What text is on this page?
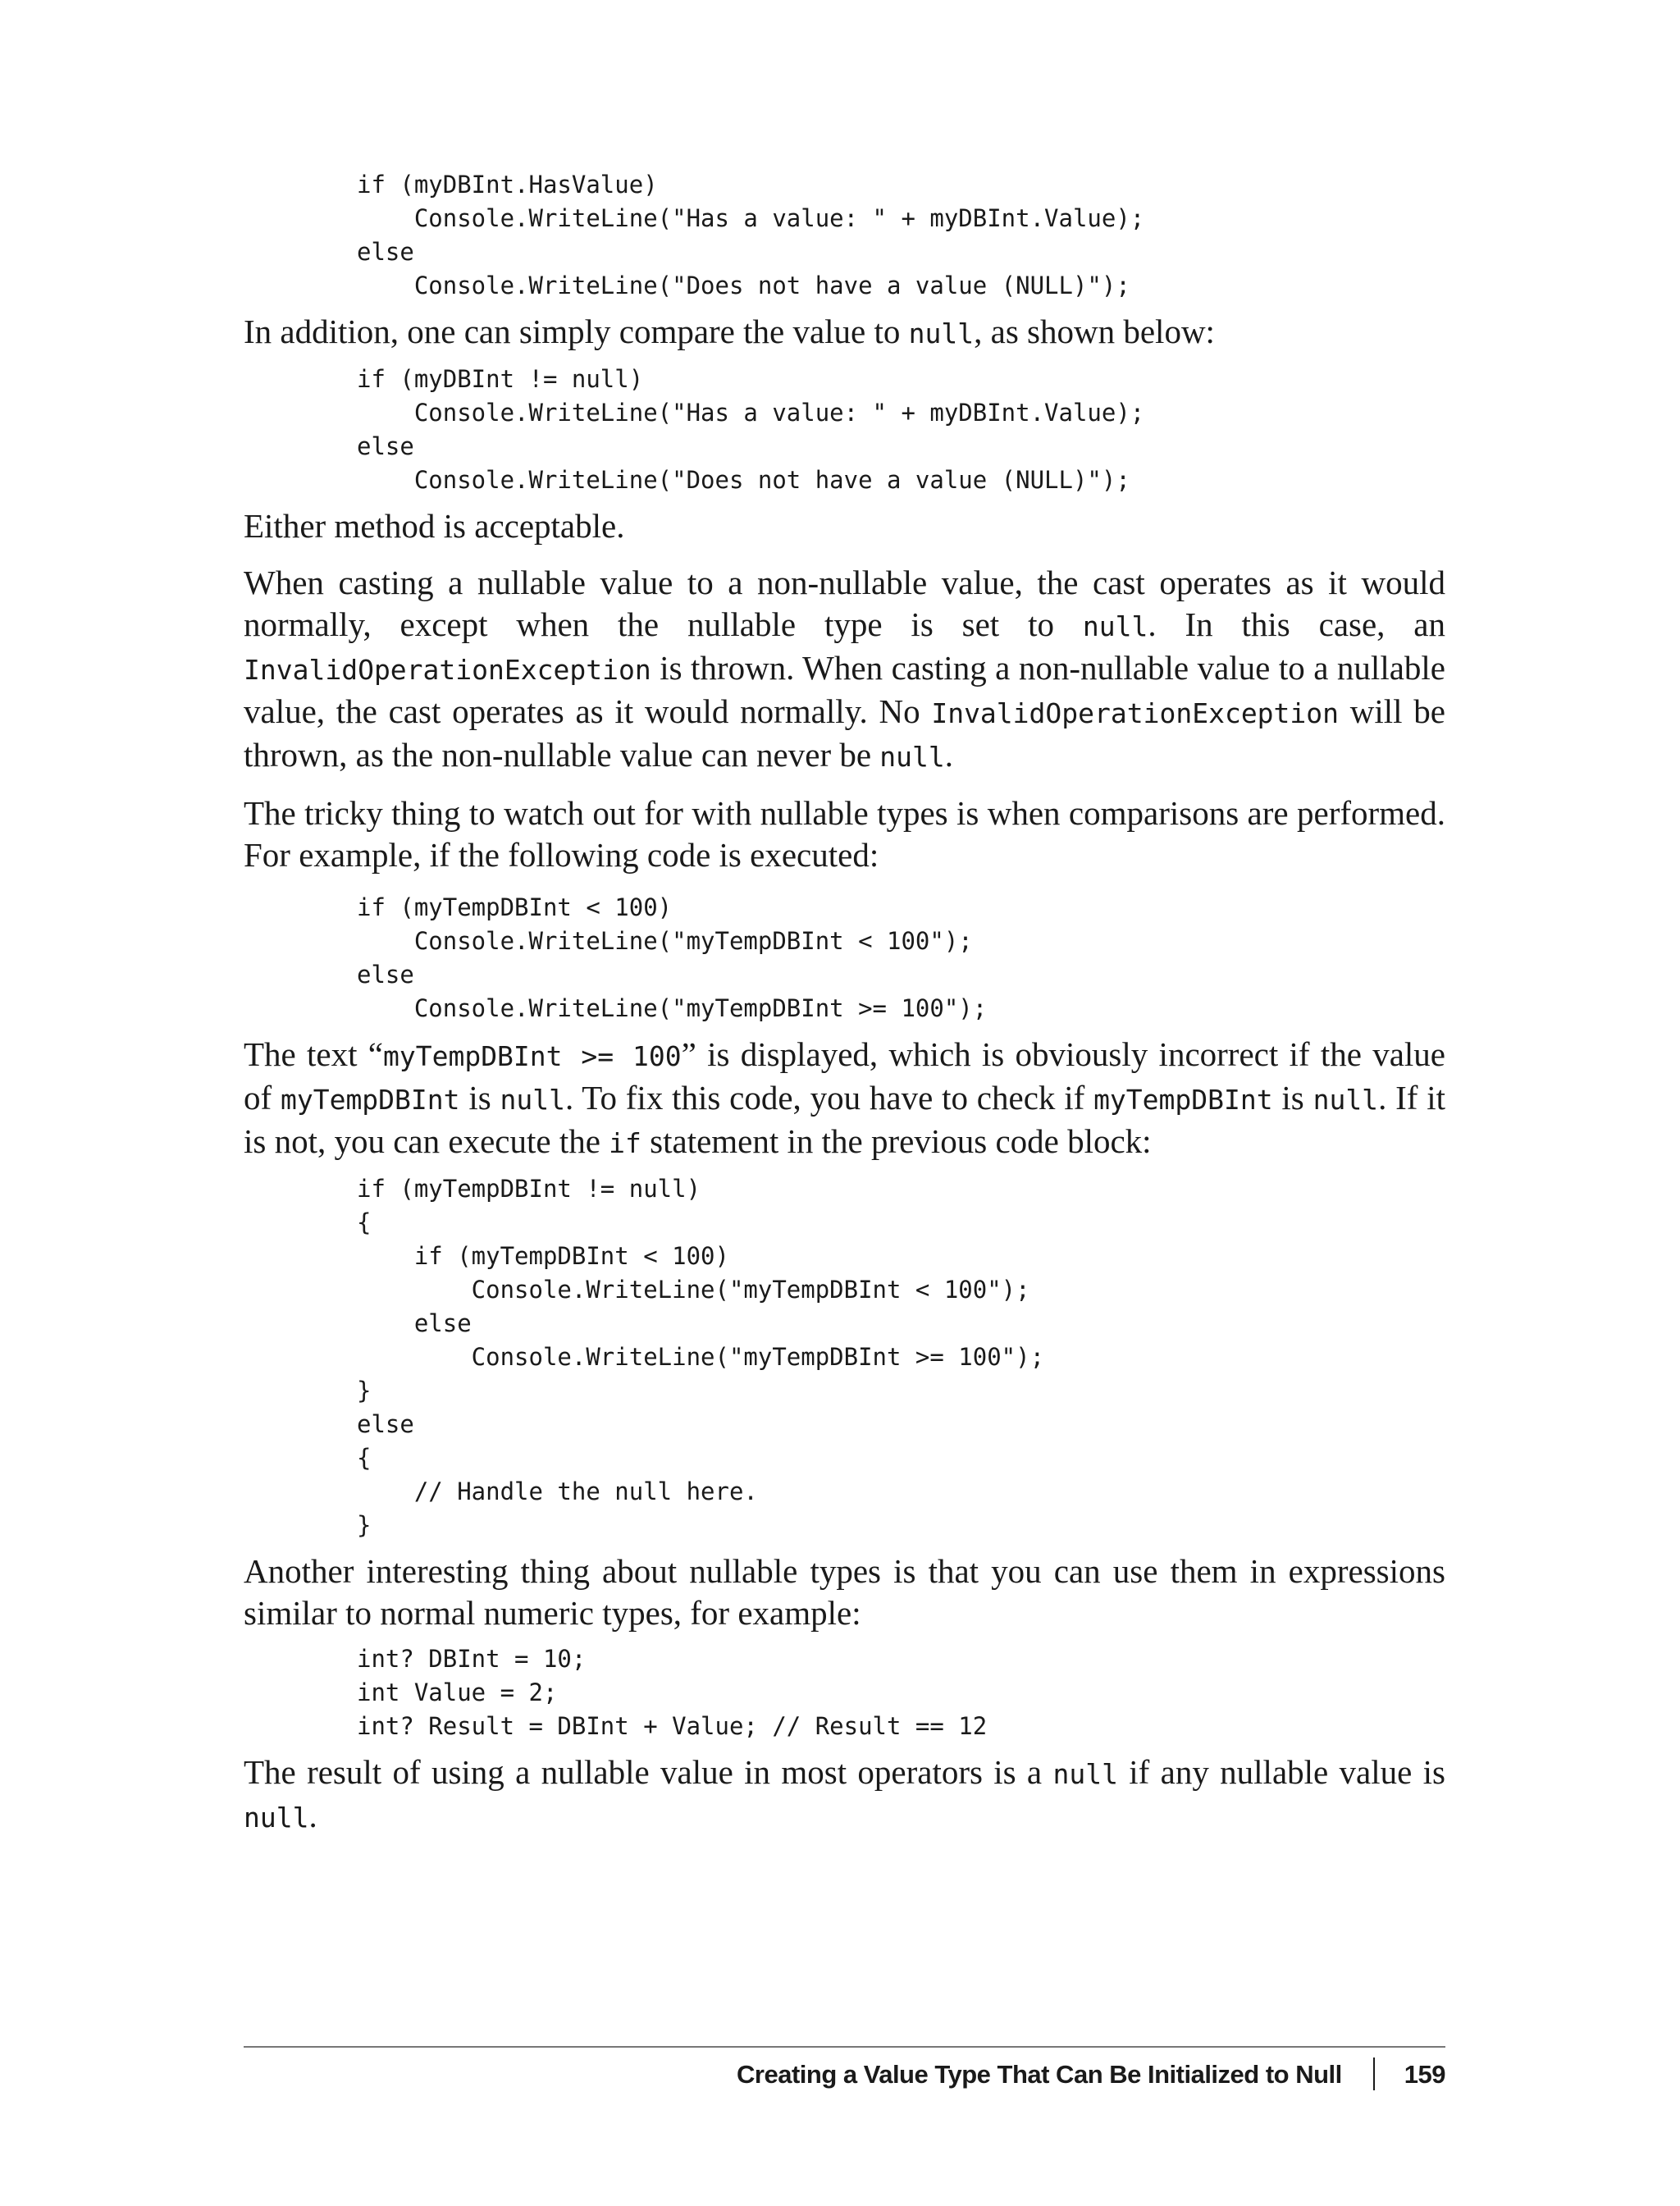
if (myDBInt.HasValue)
Console.WriteLine("Has a value: " + myDBInt.Value);
else
Console.WriteLine("Does not have a value (NULL)");

In addition, one can simply compare the value to null, as shown below:

if (myDBInt != null)
Console.WriteLine("Has a value: " + myDBInt.Value);
else
Console.WriteLine("Does not have a value (NULL)");

Either method is acceptable.

When casting a nullable value to a non-nullable value, the cast operates as it would normally, except when the nullable type is set to null. In this case, an InvalidOperationException is thrown. When casting a non-nullable value to a nullable value, the cast operates as it would normally. No InvalidOperationException will be thrown, as the non-nullable value can never be null.

The tricky thing to watch out for with nullable types is when comparisons are performed. For example, if the following code is executed:

if (myTempDBInt < 100)
Console.WriteLine("myTempDBInt < 100");
else
Console.WriteLine("myTempDBInt >= 100");

The text “myTempDBInt >= 100” is displayed, which is obviously incorrect if the value of myTempDBInt is null. To fix this code, you have to check if myTempDBInt is null. If it is not, you can execute the if statement in the previous code block:

if (myTempDBInt != null)
{
if (myTempDBInt < 100)
Console.WriteLine("myTempDBInt < 100");
else
Console.WriteLine("myTempDBInt >= 100");
}
else
{
// Handle the null here.
}

Another interesting thing about nullable types is that you can use them in expressions similar to normal numeric types, for example:

int? DBInt = 10;
int Value = 2;
int? Result = DBInt + Value; // Result == 12

The result of using a nullable value in most operators is a null if any nullable value is null.

Creating a Value Type That Can Be Initialized to Null 159
